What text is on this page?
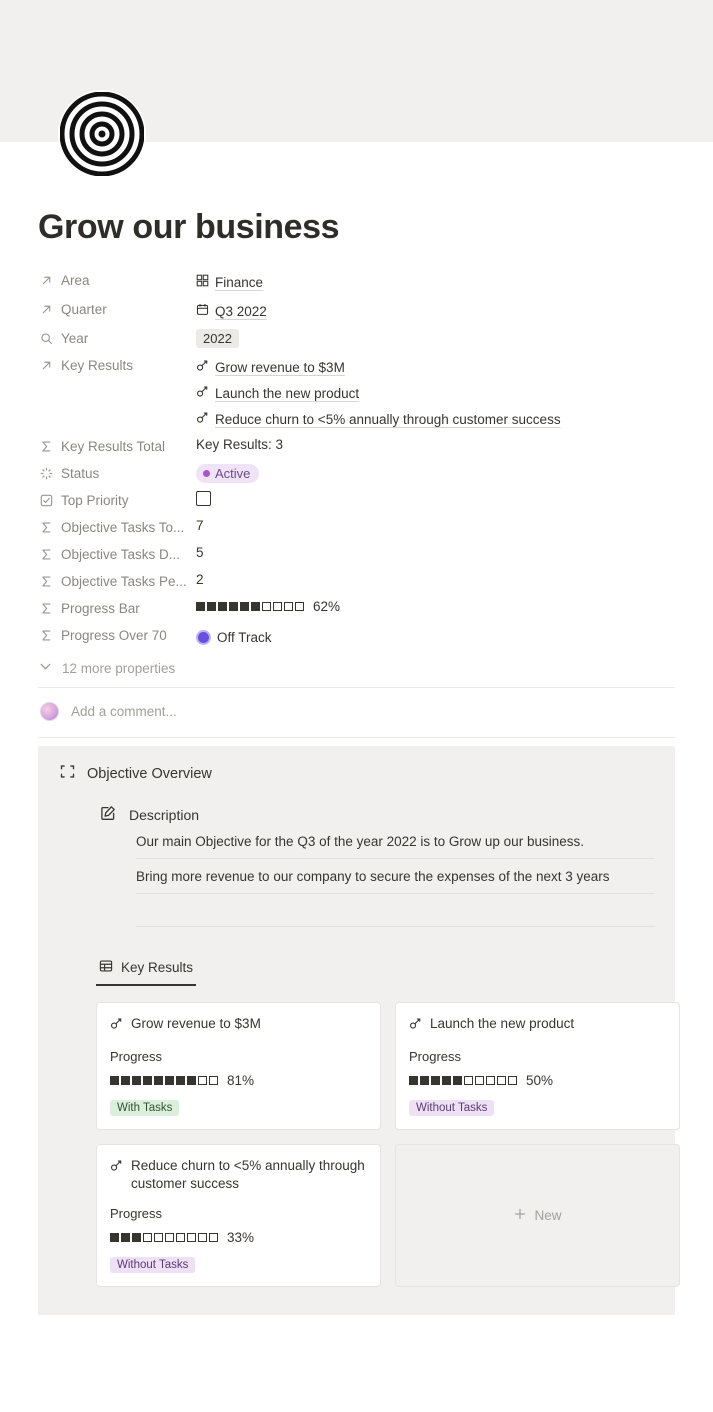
Grow our business
Area	Finance
Quarter	Q3 2022
Year	2022
Key Results	Grow revenue to $3M
Launch the new product
Reduce churn to <5% annually through customer success
Key Results Total Key Results: 3
Status	Active
Top Priority
Objective Tasks To... 7
Objective Tasks D... 5
Objective Tasks Pe... 2
Progress Bar	62%
Progress Over 70	Off Track
12 more properties
Add a comment...
Objective Overview
Description
Our main Objective for the Q3 of the year 2022 is to Grow up our business.
Bring more revenue to our company to secure the expenses of the next 3 years
Key Results
Grow revenue to $3M
Progress
81%
With Tasks
Launch the new product
Progress
50%
Without Tasks
Reduce churn to <5% annually through customer success
Progress
33%
Without Tasks
New
